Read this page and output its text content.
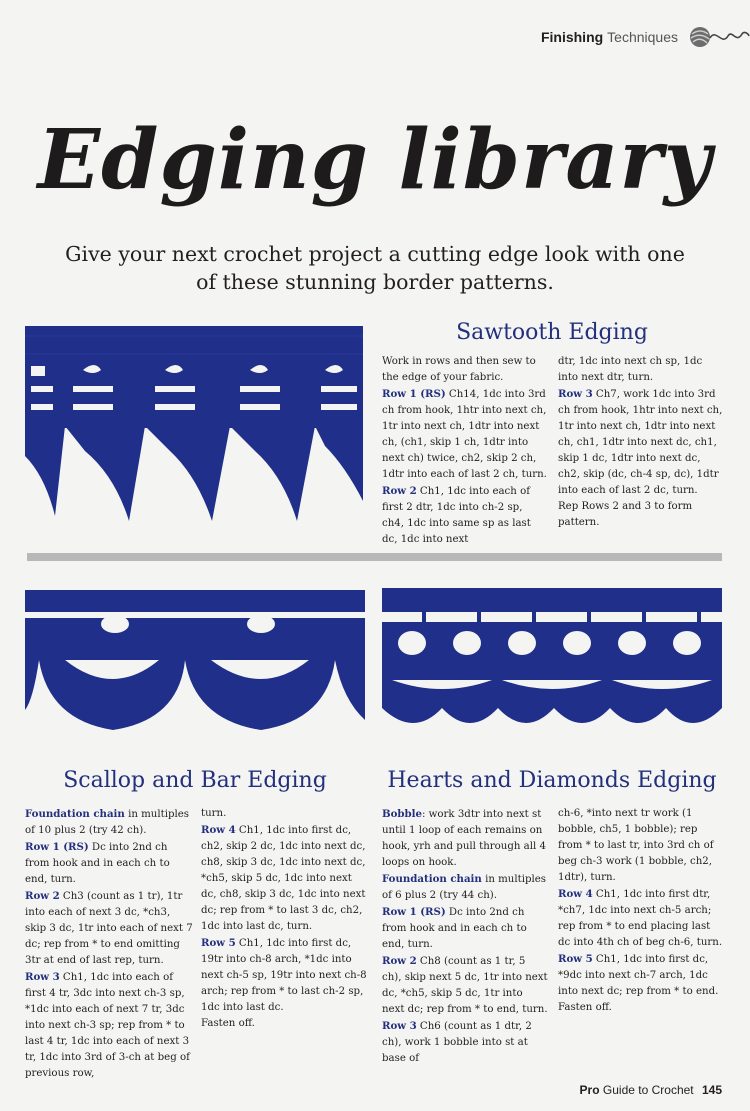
Finishing Techniques
Edging library
Give your next crochet project a cutting edge look with one of these stunning border patterns.
Sawtooth Edging

Work in rows and then sew to the edge of your fabric.

Row 1 (RS) Ch14, 1dc into 3rd ch from hook, 1htr into next ch, 1tr into next ch, 1dtr into next ch, (ch1, skip 1 ch, 1dtr into next ch) twice, ch2, skip 2 ch, 1dtr into each of last 2 ch, turn.

Row 2 Ch1, 1dc into each of first 2 dtr, 1dc into ch-2 sp, ch4, 1dc into same sp as last dc, 1dc into next

dtr, 1dc into next ch sp, 1dc into next dtr, turn.

Row 3 Ch7, work 1dc into 3rd ch from hook, 1htr into next ch, 1tr into next ch, 1dtr into next ch, ch1, 1dtr into next dc, ch1, skip 1 dc, 1dtr into next dc, ch2, skip (dc, ch-4 sp, dc), 1dtr into each of last 2 dc, turn.

Rep Rows 2 and 3 to form pattern.

Scallop and Bar Edging

Foundation chain in multiples of 10 plus 2 (try 42 ch).

Row 1 (RS) Dc into 2nd ch from hook and in each ch to end, turn.

Row 2 Ch3 (count as 1 tr), 1tr into each of next 3 dc, *ch3, skip 3 dc, 1tr into each of next 7 dc; rep from * to end omitting 3tr at end of last rep, turn.

Row 3 Ch1, 1dc into each of first 4 tr, 3dc into next ch-3 sp, *1dc into each of next 7 tr, 3dc into next ch-3 sp; rep from * to last 4 tr, 1dc into each of next 3 tr, 1dc into 3rd of 3-ch at beg of previous row,

turn.

Row 4 Ch1, 1dc into first dc, ch2, skip 2 dc, 1dc into next dc, ch8, skip 3 dc, 1dc into next dc, *ch5, skip 5 dc, 1dc into next dc, ch8, skip 3 dc, 1dc into next dc; rep from * to last 3 dc, ch2, 1dc into last dc, turn.

Row 5 Ch1, 1dc into first dc, 19tr into ch-8 arch, *1dc into next ch-5 sp, 19tr into next ch-8 arch; rep from * to last ch-2 sp, 1dc into last dc.

Fasten off.

Hearts and Diamonds Edging

Bobble: work 3dtr into next st until 1 loop of each remains on hook, yrh and pull through all 4 loops on hook.

Foundation chain in multiples of 6 plus 2 (try 44 ch).

Row 1 (RS) Dc into 2nd ch from hook and in each ch to end, turn.

Row 2 Ch8 (count as 1 tr, 5 ch), skip next 5 dc, 1tr into next dc, *ch5, skip 5 dc, 1tr into next dc; rep from * to end, turn.

Row 3 Ch6 (count as 1 dtr, 2 ch), work 1 bobble into st at base of

ch-6, *into next tr work (1 bobble, ch5, 1 bobble); rep from * to last tr, into 3rd ch of beg ch-3 work (1 bobble, ch2, 1dtr), turn.

Row 4 Ch1, 1dc into first dtr, *ch7, 1dc into next ch-5 arch; rep from * to end placing last dc into 4th ch of beg ch-6, turn.

Row 5 Ch1, 1dc into first dc, *9dc into next ch-7 arch, 1dc into next dc; rep from * to end.

Fasten off.

Pro Guide to Crochet 145
